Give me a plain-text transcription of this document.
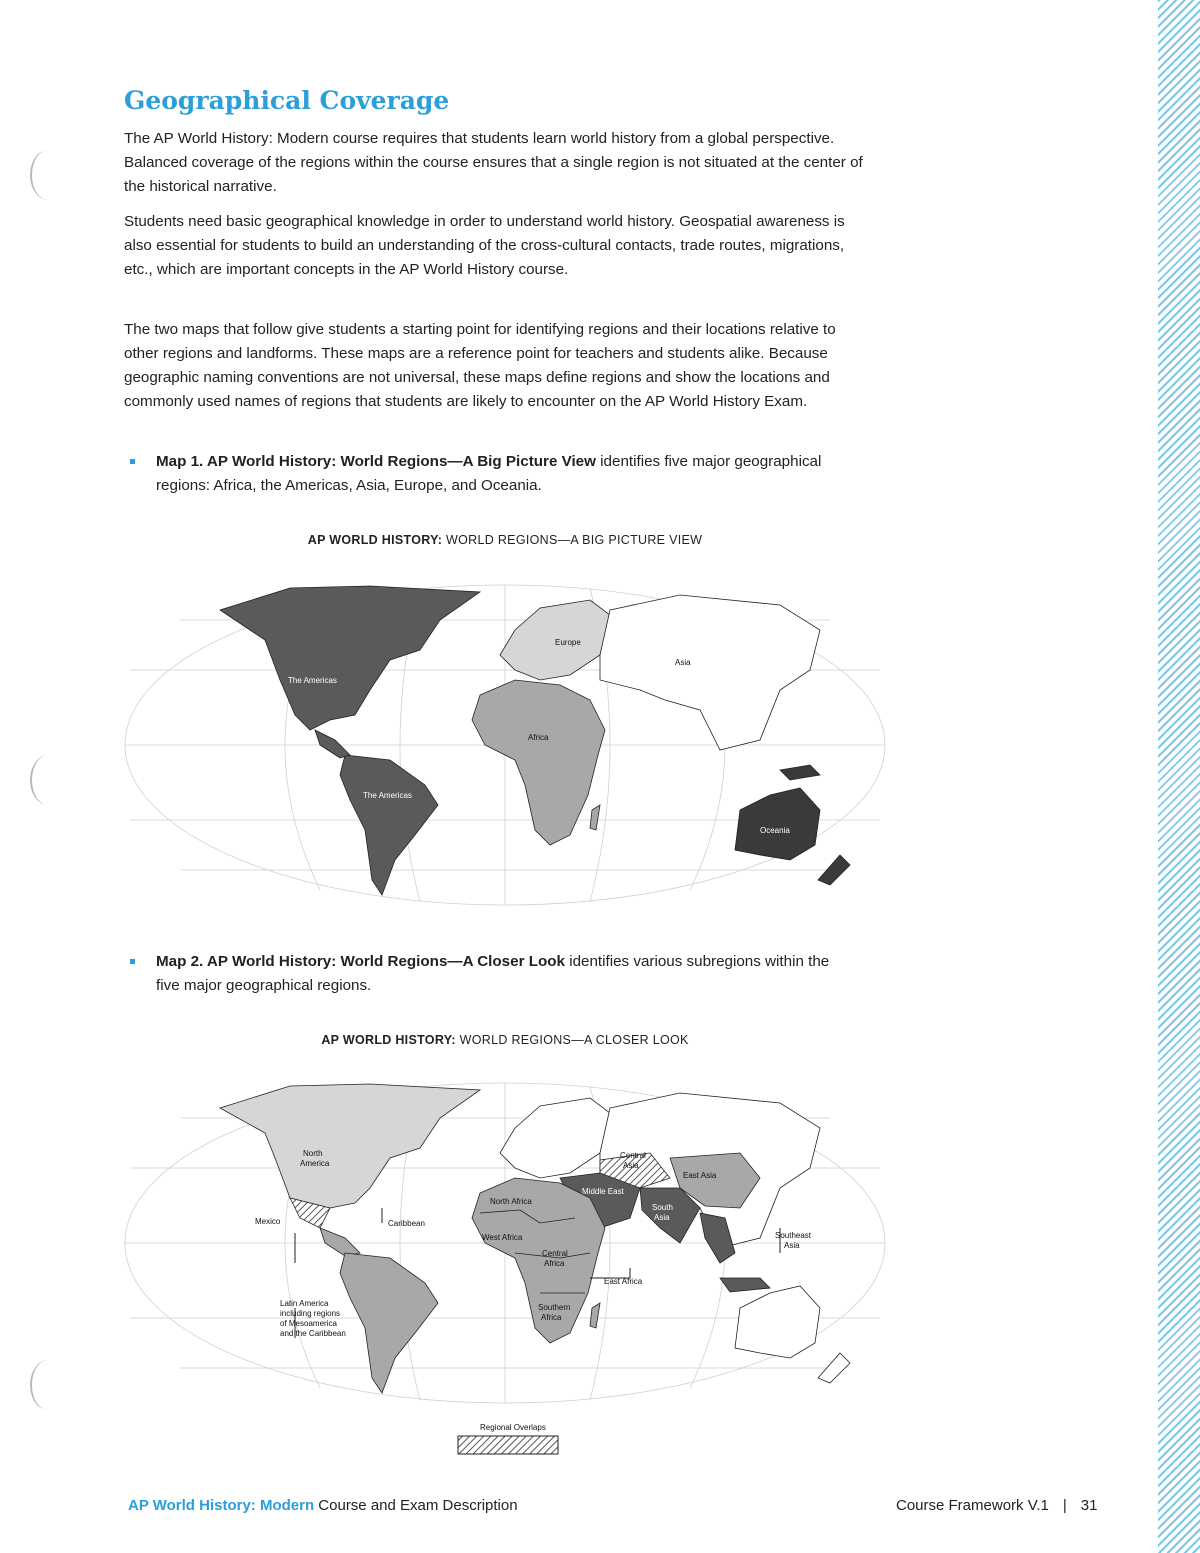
Geographical Coverage

The AP World History: Modern course requires that students learn world history from a global perspective. Balanced coverage of the regions within the course ensures that a single region is not situated at the center of the historical narrative.

Students need basic geographical knowledge in order to understand world history. Geospatial awareness is also essential for students to build an understanding of the cross-cultural contacts, trade routes, migrations, etc., which are important concepts in the AP World History course.

The two maps that follow give students a starting point for identifying regions and their locations relative to other regions and landforms. These maps are a reference point for teachers and students alike. Because geographic naming conventions are not universal, these maps define regions and show the locations and commonly used names of regions that students are likely to encounter on the AP World History Exam.

Map 1. AP World History: World Regions—A Big Picture View identifies five major geographical regions: Africa, the Americas, Asia, Europe, and Oceania.
AP WORLD HISTORY: WORLD REGIONS—A BIG PICTURE VIEW
The Americas
The Americas
Europe
Asia
Africa
Oceania
Map 2. AP World History: World Regions—A Closer Look identifies various subregions within the five major geographical regions.
AP WORLD HISTORY: WORLD REGIONS—A CLOSER LOOK
North
America
Mexico	Caribbean
Central
Asia
East Asia
Middle East
North Africa
South
Asia
West Africa
Central
Africa
Southeast
Asia
East Africa
Southern
Africa
Latin America
including regions
of Mesoamerica
and the Caribbean
Regional Overlaps
AP World History: Modern Course and Exam Description	Course Framework V.1 | 31
